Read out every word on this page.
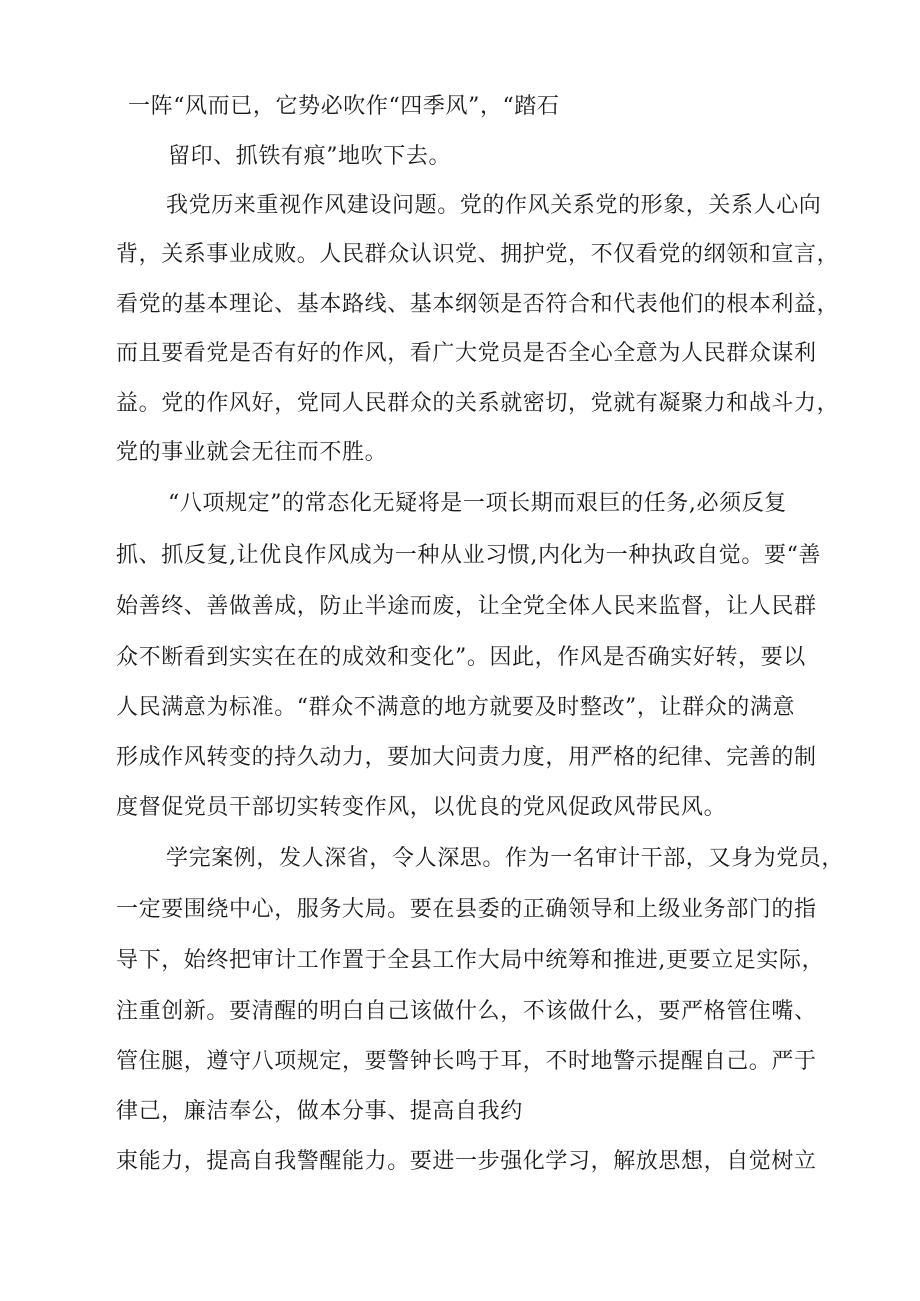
一阵“风而已，它势必吹作“四季风”，“踏石
留印、抓铁有痕”地吹下去。
我党历来重视作风建设问题。党的作风关系党的形象，关系人心向
背，关系事业成败。人民群众认识党、拥护党，不仅看党的纲领和宣言，
看党的基本理论、基本路线、基本纲领是否符合和代表他们的根本利益，
而且要看党是否有好的作风，看广大党员是否全心全意为人民群众谋利
益。党的作风好，党同人民群众的关系就密切，党就有凝聚力和战斗力，
党的事业就会无往而不胜。
“八项规定”的常态化无疑将是一项长期而艰巨的任务,必须反复
抓、抓反复,让优良作风成为一种从业习惯,内化为一种执政自觉。要“善
始善终、善做善成，防止半途而废，让全党全体人民来监督，让人民群
众不断看到实实在在的成效和变化”。因此，作风是否确实好转，要以
人民满意为标准。“群众不满意的地方就要及时整改”，让群众的满意
形成作风转变的持久动力，要加大问责力度，用严格的纪律、完善的制
度督促党员干部切实转变作风，以优良的党风促政风带民风。
学完案例，发人深省，令人深思。作为一名审计干部，又身为党员，
一定要围绕中心，服务大局。要在县委的正确领导和上级业务部门的指
导下，始终把审计工作置于全县工作大局中统筹和推进,更要立足实际，
注重创新。要清醒的明白自己该做什么，不该做什么，要严格管住嘴、
管住腿，遵守八项规定，要警钟长鸣于耳，不时地警示提醒自己。严于
律己，廉洁奉公，做本分事、提高自我约
束能力，提高自我警醒能力。要进一步强化学习，解放思想，自觉树立
